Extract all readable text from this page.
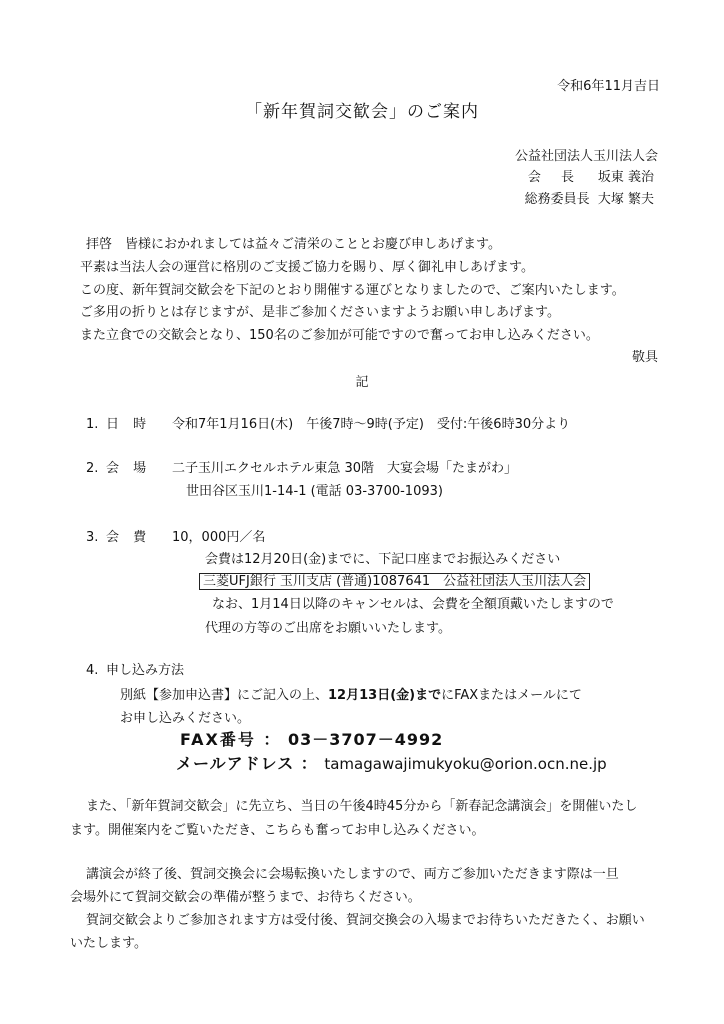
令和6年11月吉日
「新年賀詞交歓会」のご案内
公益社団法人玉川法人会
会 長 坂東 義治
総務委員長 大塚 繁夫
拝啓　皆様におかれましては益々ご清栄のこととお慶び申しあげます。
平素は当法人会の運営に格別のご支援ご協力を賜り、厚く御礼申しあげます。
この度、新年賀詞交歓会を下記のとおり開催する運びとなりましたので、ご案内いたします。
ご多用の折りとは存じますが、是非ご参加くださいますようお願い申しあげます。
また立食での交歓会となり、150名のご参加が可能ですので奮ってお申し込みください。
敬具
記
1. 日 時 令和7年1月16日(木)　午後7時～9時(予定)　受付:午後6時30分より
2. 会 場 二子玉川エクセルホテル東急 30階　大宴会場「たまがわ」
世田谷区玉川1-14-1 (電話 03-3700-1093)
3. 会 費 10，000円／名
会費は12月20日(金)までに、下記口座までお振込みください
三菱UFJ銀行 玉川支店 (普通)1087641　公益社団法人玉川法人会
なお、1月14日以降のキャンセルは、会費を全額頂戴いたしますので
代理の方等のご出席をお願いいたします。
4. 申し込み方法
別紙【参加申込書】にご記入の上、12月13日(金)までにFAXまたはメールにて
お申し込みください。
FAX番号 ： 03－3707－4992
メールアドレス ： tamagawajimukyoku@orion.ocn.ne.jp
また、「新年賀詞交歓会」に先立ち、当日の午後4時45分から「新春記念講演会」を開催いたし
ます。開催案内をご覧いただき、こちらも奮ってお申し込みください。
講演会が終了後、賀詞交換会に会場転換いたしますので、両方ご参加いただきます際は一旦
会場外にて賀詞交歓会の準備が整うまで、お待ちください。
賀詞交歓会よりご参加されます方は受付後、賀詞交換会の入場までお待ちいただきたく、お願い
いたします。
